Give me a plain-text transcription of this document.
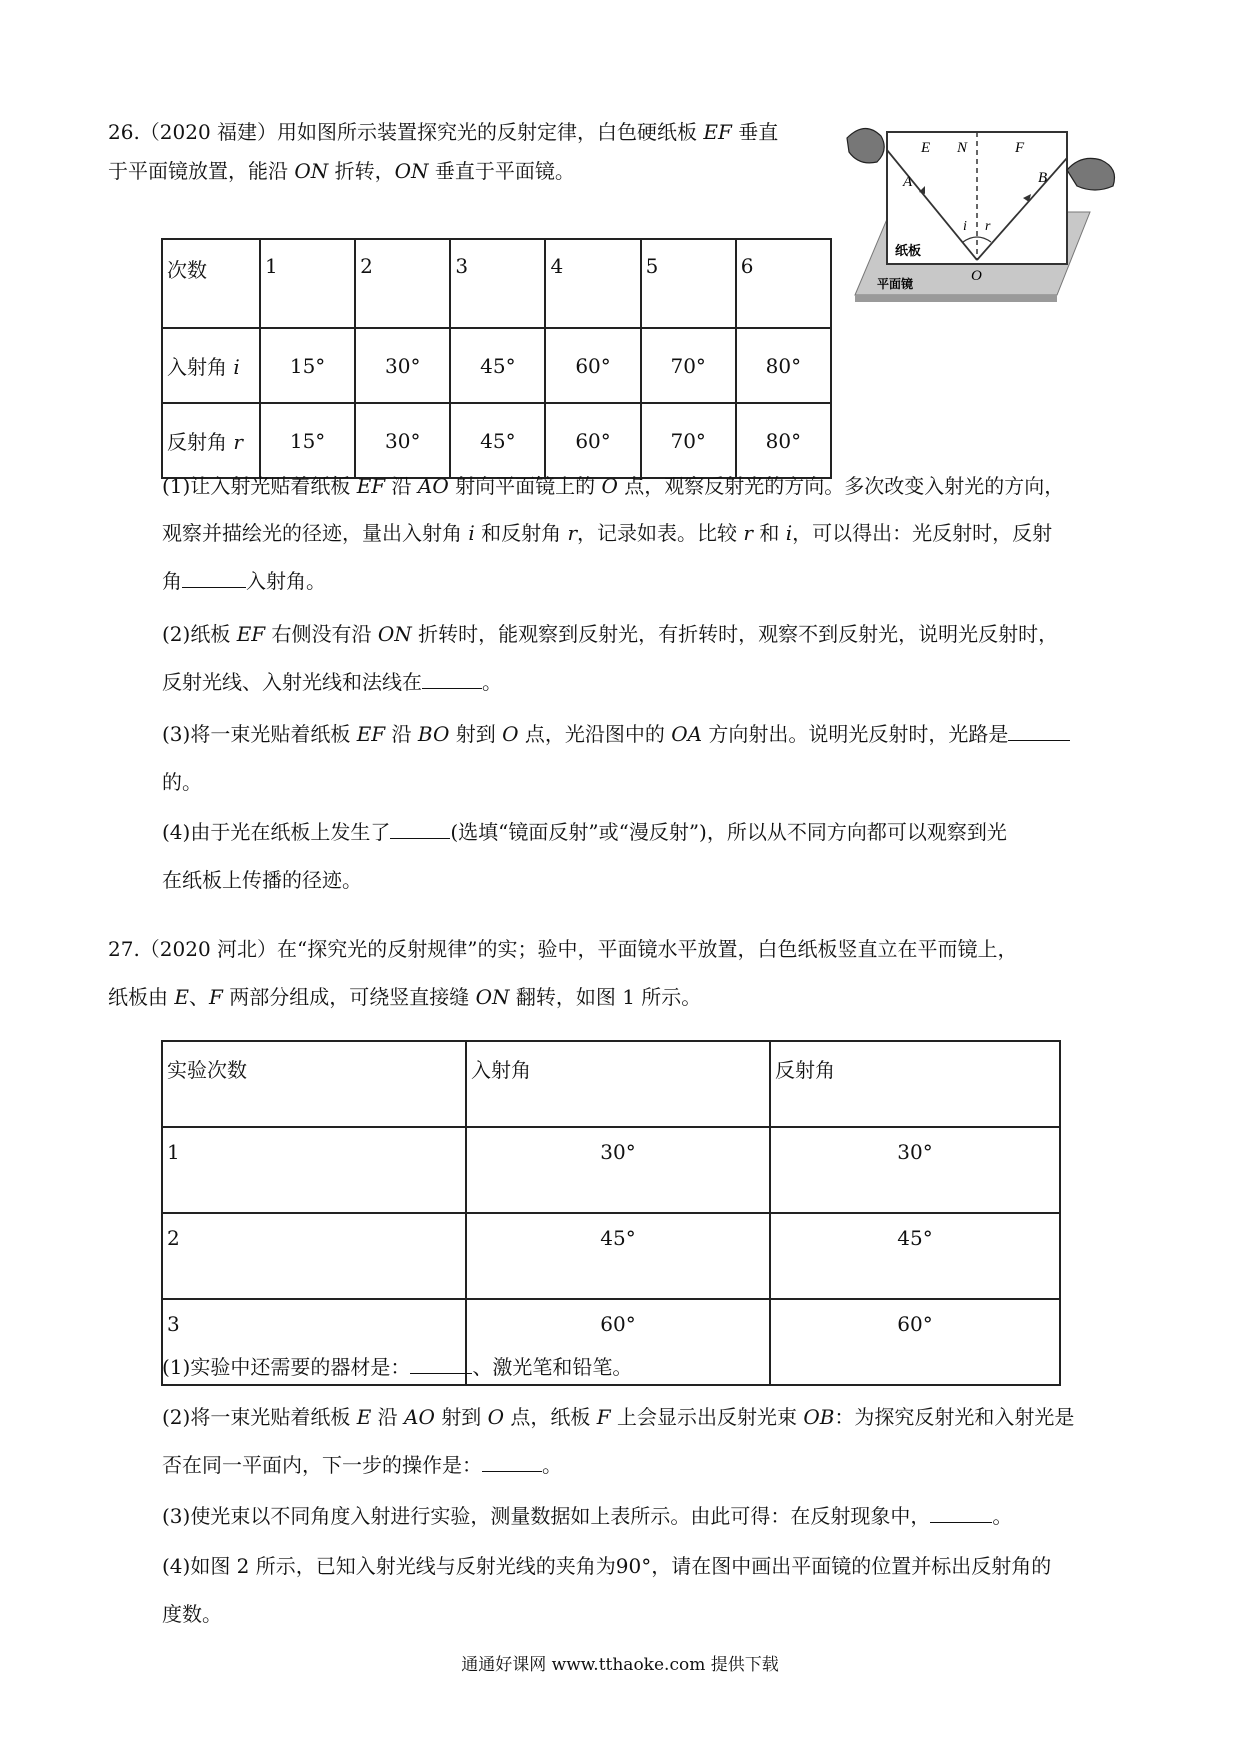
26.（2020 福建）用如图所示装置探究光的反射定律，白色硬纸板 EF 垂直
于平面镜放置，能沿 ON 折转，ON 垂直于平面镜。
E N	F
A	B
i r
O
纸板
平面镜
次数	1	2	3	4	5	6
入射角 i	15°	30°	45°	60°	70°	80°
反射角 r	15°	30°	45°	60°	70°	80°
(1)让入射光贴着纸板 EF 沿 AO 射向平面镜上的 O 点，观察反射光的方向。多次改变入射光的方向，
观察并描绘光的径迹，量出入射角 i 和反射角 r，记录如表。比较 r 和 i，可以得出：光反射时，反射
角	入射角。
(2)纸板 EF 右侧没有沿 ON 折转时，能观察到反射光，有折转时，观察不到反射光，说明光反射时，
反射光线、入射光线和法线在	。
(3)将一束光贴着纸板 EF 沿 BO 射到 O 点，光沿图中的 OA 方向射出。说明光反射时，光路是
的。
(4)由于光在纸板上发生了	(选填“镜面反射”或“漫反射”)，所以从不同方向都可以观察到光
在纸板上传播的径迹。
27.（2020 河北）在“探究光的反射规律”的实；验中，平面镜水平放置，白色纸板竖直立在平而镜上，
纸板由 E、F 两部分组成，可绕竖直接缝 ON 翻转，如图 1 所示。
实验次数	入射角	反射角
1	30°	30°
2	45°	45°
3	60°	60°
(1)实验中还需要的器材是：	、激光笔和铅笔。
(2)将一束光贴着纸板 E 沿 AO 射到 O 点，纸板 F 上会显示出反射光束 OB：为探究反射光和入射光是
否在同一平面内，下一步的操作是：	。
(3)使光束以不同角度入射进行实验，测量数据如上表所示。由此可得：在反射现象中，	。
(4)如图 2 所示，已知入射光线与反射光线的夹角为90°，请在图中画出平面镜的位置并标出反射角的
度数。
通通好课网 www.tthaoke.com 提供下载
